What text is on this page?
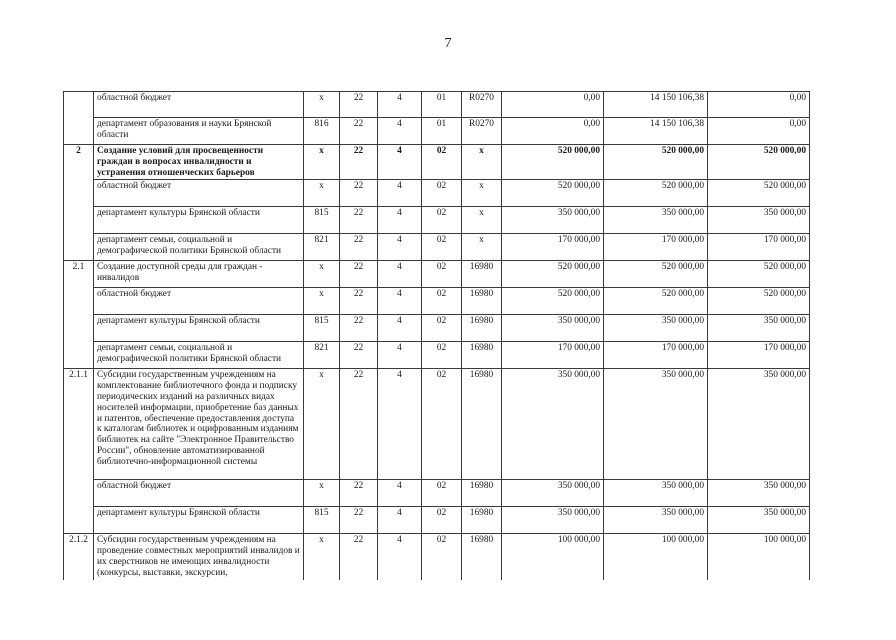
7
	областной бюджет	x	22	4	01	R0270	0,00	14 150 106,38	0,00
	департамент образования и науки Брянской области	816	22	4	01	R0270	0,00	14 150 106,38	0,00
2	Создание условий для просвещенности граждан в вопросах инвалидности и устранения отношенческих барьеров	x	22	4	02	x	520 000,00	520 000,00	520 000,00
	областной бюджет	x	22	4	02	x	520 000,00	520 000,00	520 000,00
	департамент культуры Брянской области	815	22	4	02	x	350 000,00	350 000,00	350 000,00
	департамент семьи, социальной и демографической политики Брянской области	821	22	4	02	x	170 000,00	170 000,00	170 000,00
2.1	Создание доступной среды для граждан - инвалидов	x	22	4	02	16980	520 000,00	520 000,00	520 000,00
	областной бюджет	x	22	4	02	16980	520 000,00	520 000,00	520 000,00
	департамент культуры Брянской области	815	22	4	02	16980	350 000,00	350 000,00	350 000,00
	департамент семьи, социальной и демографической политики Брянской области	821	22	4	02	16980	170 000,00	170 000,00	170 000,00
2.1.1	Субсидии государственным учреждениям на комплектование библиотечного фонда и подписку периодических изданий на различных видах носителей информации, приобретение баз данных и патентов, обеспечение предоставления доступа к каталогам библиотек и оцифрованным изданиям библиотек на сайте "Электронное Правительство России", обновление автоматизированной библиотечно-информационной системы	x	22	4	02	16980	350 000,00	350 000,00	350 000,00
	областной бюджет	x	22	4	02	16980	350 000,00	350 000,00	350 000,00
	департамент культуры Брянской области	815	22	4	02	16980	350 000,00	350 000,00	350 000,00
2.1.2	Субсидии государственным учреждениям на проведение совместных мероприятий инвалидов и их сверстников не имеющих инвалидности (конкурсы, выставки, экскурсии,	x	22	4	02	16980	100 000,00	100 000,00	100 000,00
